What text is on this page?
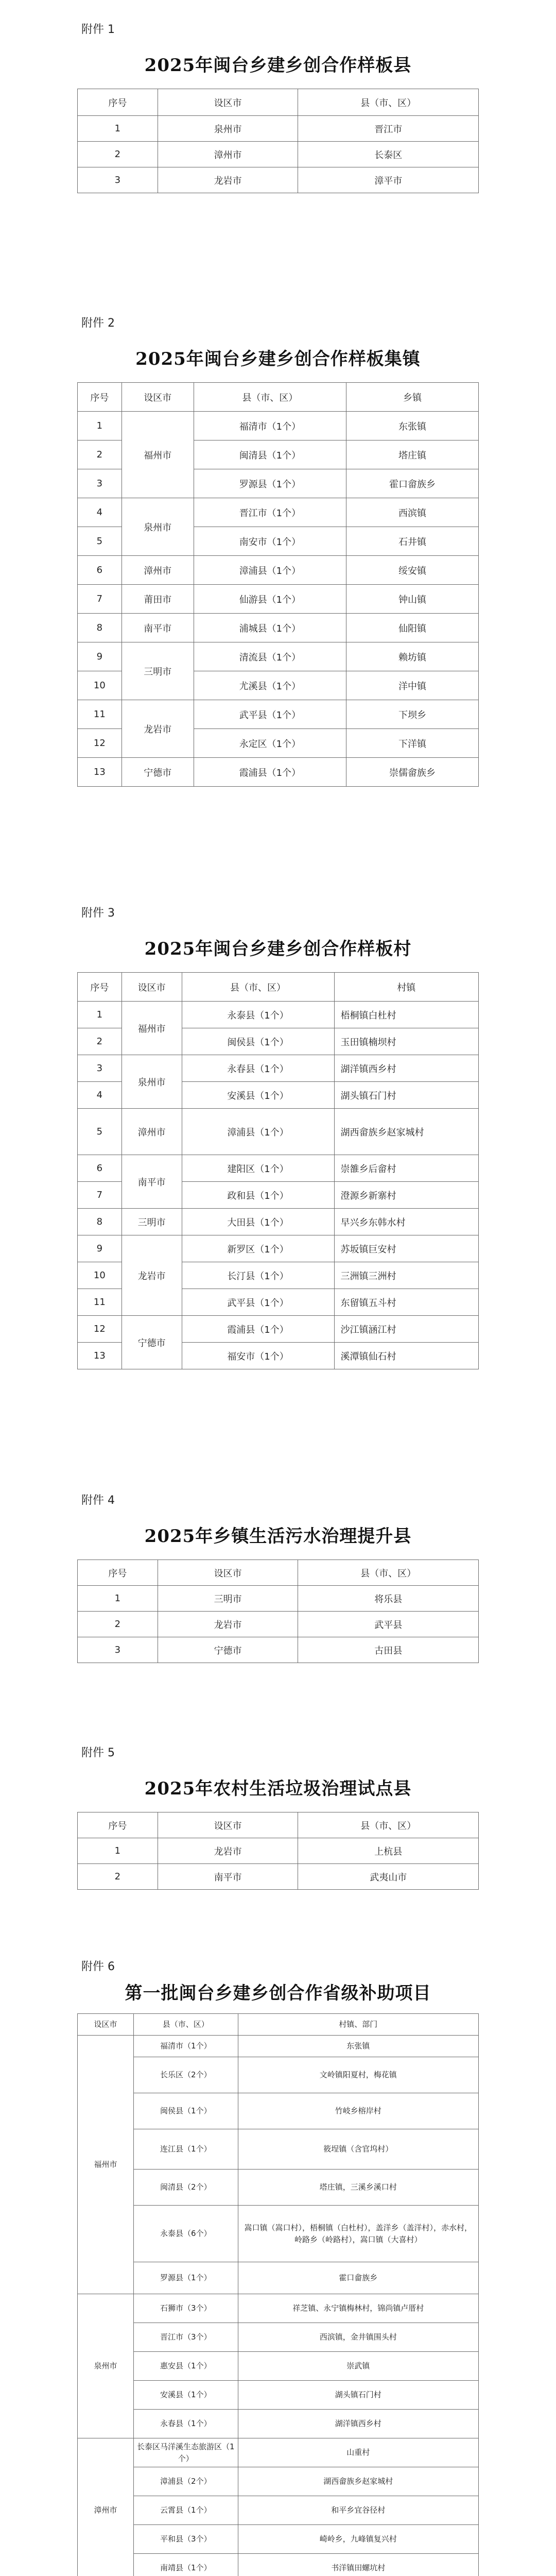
附件 1
2025年闽台乡建乡创合作样板县
序号	设区市	县（市、区）
1	泉州市	晋江市
2	漳州市	长泰区
3	龙岩市	漳平市
附件 2
2025年闽台乡建乡创合作样板集镇
序号	设区市	县（市、区）	乡镇
1	福州市	福清市（1个）	东张镇
2		闽清县（1个）	塔庄镇
3		罗源县（1个）	霍口畲族乡
4	泉州市	晋江市（1个）	西滨镇
5		南安市（1个）	石井镇
6	漳州市	漳浦县（1个）	绥安镇
7	莆田市	仙游县（1个）	钟山镇
8	南平市	浦城县（1个）	仙阳镇
9	三明市	清流县（1个）	赖坊镇
10		尤溪县（1个）	洋中镇
11	龙岩市	武平县（1个）	下坝乡
12		永定区（1个）	下洋镇
13	宁德市	霞浦县（1个）	崇儒畲族乡
附件 3
2025年闽台乡建乡创合作样板村
序号	设区市	县（市、区）	村镇
1	福州市	永泰县（1个）	梧桐镇白杜村
2		闽侯县（1个）	玉田镇楠坝村
3	泉州市	永春县（1个）	湖洋镇西乡村
4		安溪县（1个）	湖头镇石门村
5	漳州市	漳浦县（1个）	湖西畲族乡赵家城村
6	南平市	建阳区（1个）	崇雒乡后畲村
7		政和县（1个）	澄源乡新寨村
8	三明市	大田县（1个）	早兴乡东韩水村
9	龙岩市	新罗区（1个）	苏坂镇巨安村
10		长汀县（1个）	三洲镇三洲村
11		武平县（1个）	东留镇五斗村
12	宁德市	霞浦县（1个）	沙江镇涵江村
13		福安市（1个）	溪潭镇仙石村
附件 4
2025年乡镇生活污水治理提升县
序号	设区市	县（市、区）
1	三明市	将乐县
2	龙岩市	武平县
3	宁德市	古田县
附件 5
2025年农村生活垃圾治理试点县
序号	设区市	县（市、区）
1	龙岩市	上杭县
2	南平市	武夷山市
附件 6
第一批闽台乡建乡创合作省级补助项目
设区市	县（市、区）	村镇、部门
福州市	福清市（1个）	东张镇
	长乐区（2个）	文岭镇阳夏村，梅花镇
	闽侯县（1个）	竹岐乡榕岸村
	连江县（1个）	筱埕镇（含官坞村）
	闽清县（2个）	塔庄镇，三溪乡溪口村
	永泰县（6个）	嵩口镇（嵩口村），梧桐镇（白杜村），盖洋乡（盖洋村），赤水村，岭路乡（岭路村），嵩口镇（大喜村）
	罗源县（1个）	霍口畲族乡
泉州市	石狮市（3个）	祥芝镇、永宁镇梅林村，锦尚镇卢厝村
	晋江市（3个）	西滨镇，金井镇围头村
	惠安县（1个）	崇武镇
	安溪县（1个）	湖头镇石门村
	永春县（1个）	湖洋镇西乡村
漳州市	长泰区马洋溪生态旅游区（1个）	山重村
	漳浦县（2个）	湖西畲族乡赵家城村
	云霄县（1个）	和平乡宜谷径村
	平和县（3个）	崎岭乡，九峰镇复兴村
	南靖县（1个）	书洋镇田螺坑村
